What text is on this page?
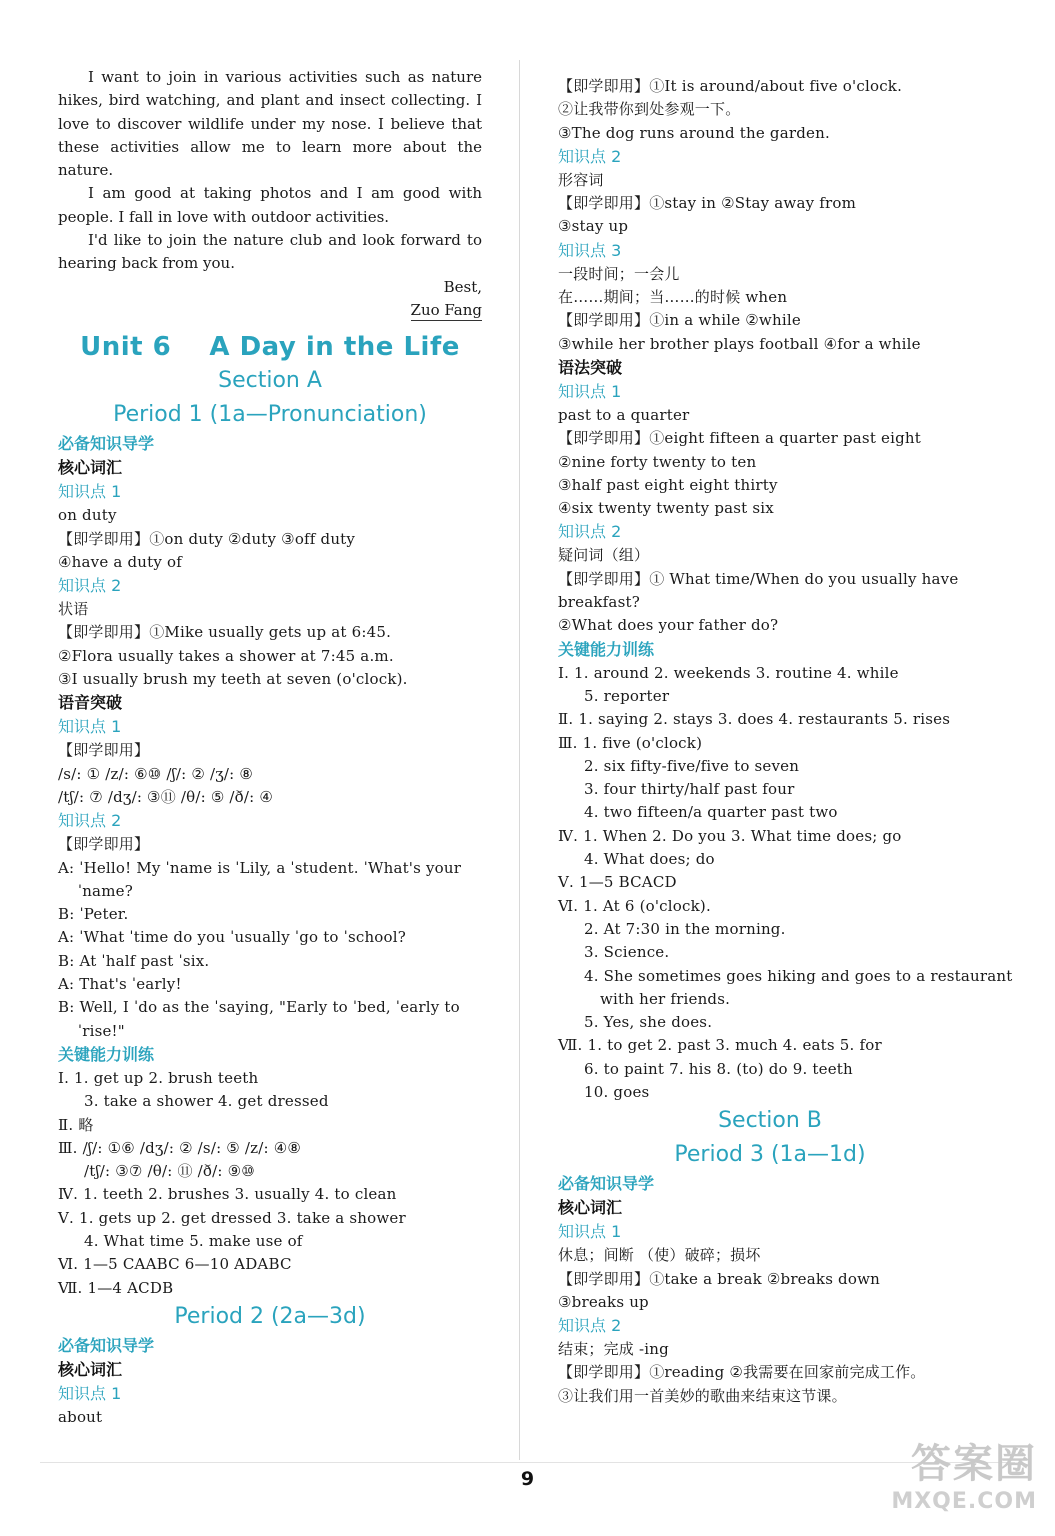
I want to join in various activities such as nature hikes, bird watching, and plant and insect collecting. I love to discover wildlife under my nose. I believe that these activities allow me to learn more about the nature.

I am good at taking photos and I am good with people. I fall in love with outdoor activities.

I'd like to join the nature club and look forward to hearing back from you.

Best,
Zuo Fang
Unit 6    A Day in the Life
Section A
Period 1 (1a—Pronunciation)
必备知识导学
核心词汇
知识点 1
on duty
【即学即用】①on duty ②duty ③off duty
④have a duty of
知识点 2
状语
【即学即用】①Mike usually gets up at 6:45.
②Flora usually takes a shower at 7:45 a.m.
③I usually brush my teeth at seven (o'clock).
语音突破
知识点 1
【即学即用】
/s/: ① /z/: ⑥⑩ /ʃ/: ② /ʒ/: ⑧
/tʃ/: ⑦ /dʒ/: ③⑪ /θ/: ⑤ /ð/: ④
知识点 2
【即学即用】
A: ˈHello! My ˈname is ˈLily, a ˈstudent. ˈWhat's your
ˈname?
B: ˈPeter.
A: ˈWhat ˈtime do you ˈusually ˈgo to ˈschool?
B: At ˈhalf past ˈsix.
A: That's ˈearly!
B: Well, I ˈdo as the ˈsaying, "Early to ˈbed, ˈearly to
ˈrise!"
关键能力训练
Ⅰ. 1. get up 2. brush teeth
3. take a shower 4. get dressed
Ⅱ. 略
Ⅲ. /ʃ/: ①⑥ /dʒ/: ② /s/: ⑤ /z/: ④⑧
/tʃ/: ③⑦ /θ/: ⑪ /ð/: ⑨⑩
Ⅳ. 1. teeth 2. brushes 3. usually 4. to clean
Ⅴ. 1. gets up 2. get dressed 3. take a shower
4. What time 5. make use of
Ⅵ. 1—5 CAABC 6—10 ADABC
Ⅶ. 1—4 ACDB
Period 2 (2a—3d)
必备知识导学
核心词汇
知识点 1
about
【即学即用】①It is around/about five o'clock.
②让我带你到处参观一下。
③The dog runs around the garden.
知识点 2
形容词
【即学即用】①stay in ②Stay away from
③stay up
知识点 3
一段时间；一会儿
在……期间；当……的时候 when
【即学即用】①in a while ②while
③while her brother plays football ④for a while
语法突破
知识点 1
past to a quarter
【即学即用】①eight fifteen a quarter past eight
②nine forty twenty to ten
③half past eight eight thirty
④six twenty twenty past six
知识点 2
疑问词（组）
【即学即用】① What time/When do you usually have
breakfast?
②What does your father do?
关键能力训练
Ⅰ. 1. around 2. weekends 3. routine 4. while
5. reporter
Ⅱ. 1. saying 2. stays 3. does 4. restaurants 5. rises
Ⅲ. 1. five (o'clock)
2. six fifty-five/five to seven
3. four thirty/half past four
4. two fifteen/a quarter past two
Ⅳ. 1. When 2. Do you 3. What time does; go
4. What does; do
Ⅴ. 1—5 BCACD
Ⅵ. 1. At 6 (o'clock).
2. At 7:30 in the morning.
3. Science.
4. She sometimes goes hiking and goes to a restaurant
with her friends.
5. Yes, she does.
Ⅶ. 1. to get 2. past 3. much 4. eats 5. for
6. to paint 7. his 8. (to) do 9. teeth
10. goes
Section B
Period 3 (1a—1d)
必备知识导学
核心词汇
知识点 1
休息；间断 （使）破碎；损坏
【即学即用】①take a break ②breaks down
③breaks up
知识点 2
结束；完成 -ing
【即学即用】①reading ②我需要在回家前完成工作。
③让我们用一首美妙的歌曲来结束这节课。
9	答案圈
MXQE.COM
